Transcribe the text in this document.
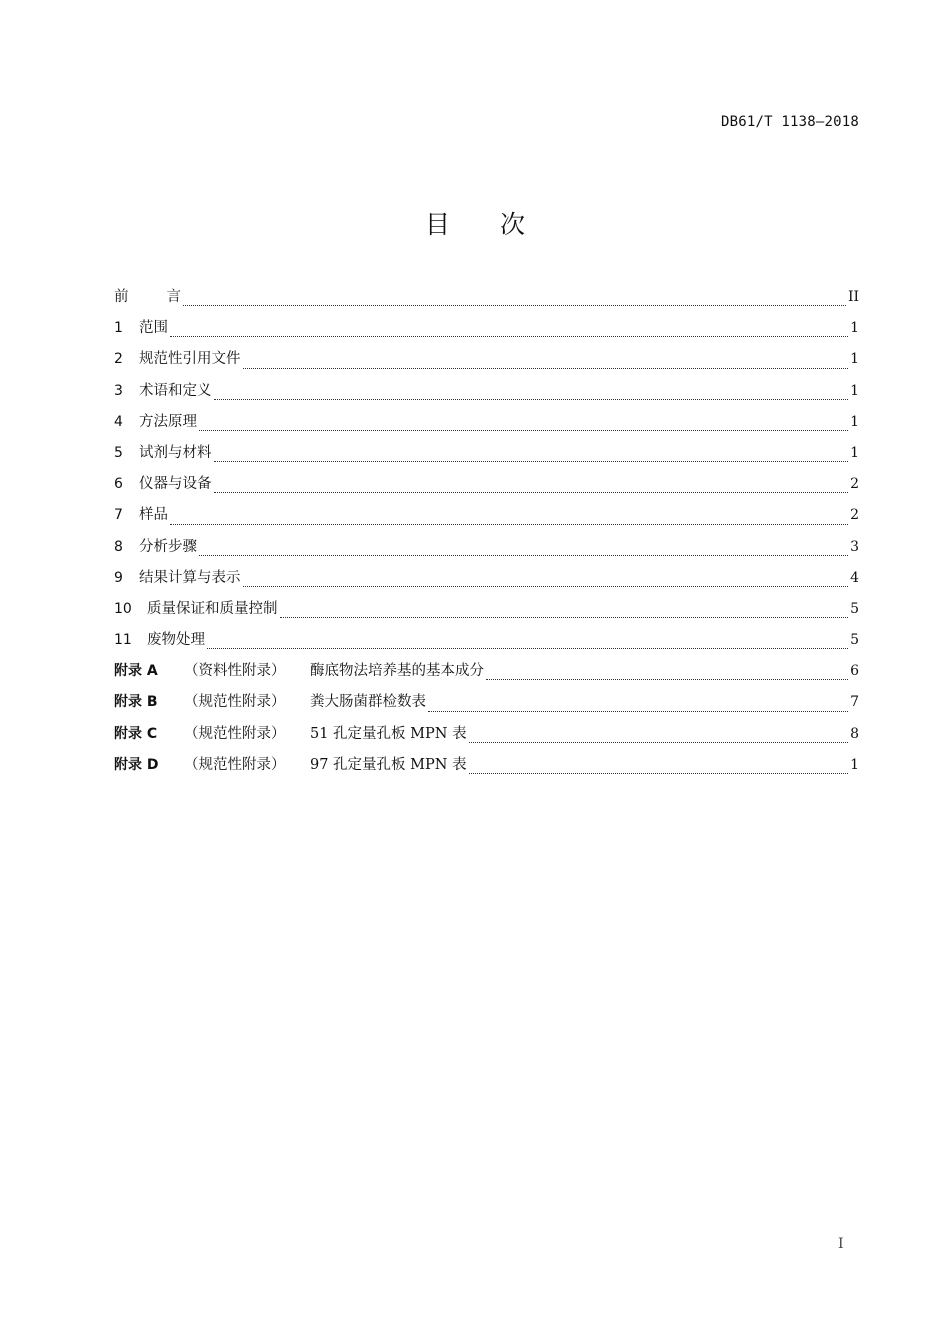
DB61/T 1138—2018
目 次
前	言	II
1	范围	1
2	规范性引用文件	1
3	术语和定义	1
4	方法原理	1
5	试剂与材料	1
6	仪器与设备	2
7	样品	2
8	分析步骤	3
9	结果计算与表示	4
10	质量保证和质量控制	5
11	废物处理	5
附录 A	（资料性附录）	酶底物法培养基的基本成分	6
附录 B	（规范性附录）	粪大肠菌群检数表	7
附录 C	（规范性附录）	51 孔定量孔板 MPN 表	8
附录 D	（规范性附录）	97 孔定量孔板 MPN 表	1
I
